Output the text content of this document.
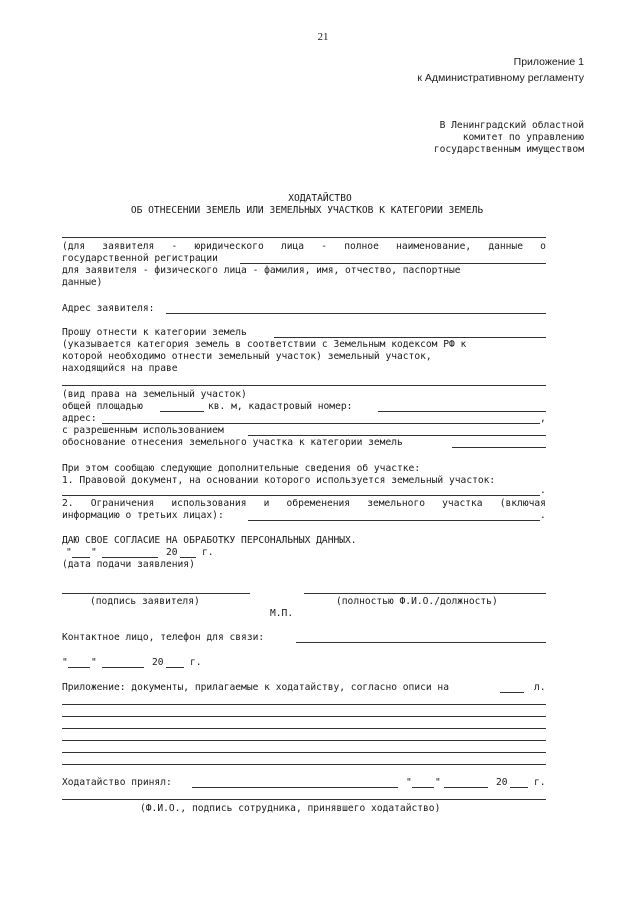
21
Приложение 1
к Административному регламенту
В Ленинградский областной
комитет по управлению
государственным имуществом
ХОДАТАЙСТВО
ОБ ОТНЕСЕНИИ ЗЕМЕЛЬ ИЛИ ЗЕМЕЛЬНЫХ УЧАСТКОВ К КАТЕГОРИИ ЗЕМЕЛЬ
(для заявителя - юридического лица - полное наименование, данные о
государственной регистрации
для заявителя - физического лица - фамилия, имя, отчество, паспортные
данные)
Адрес заявителя:
Прошу отнести к категории земель
(указывается категория земель в соответствии с Земельным кодексом РФ к
которой необходимо отнести земельный участок) земельный участок,
находящийся на праве
(вид права на земельный участок)
общей площадью	кв. м, кадастровый номер:
адрес:	,
с разрешенным использованием
обоснование отнесения земельного участка к категории земель
При этом сообщаю следующие дополнительные сведения об участке:
1. Правовой документ, на основании которого используется земельный участок:
.
2. Ограничения использования и обременения земельного участка (включая
информацию о третьих лицах):	.
ДАЮ СВОЕ СОГЛАСИЕ НА ОБРАБОТКУ ПЕРСОНАЛЬНЫХ ДАННЫХ.
" "	20	г.
(дата подачи заявления)
(подпись заявителя)	(полностью Ф.И.О./должность)
М.П.
Контактное лицо, телефон для связи:
" "	20	г.
Приложение: документы, прилагаемые к ходатайству, согласно описи на	л.
Ходатайство принял:	" "	20	г.
(Ф.И.О., подпись сотрудника, принявшего ходатайство)
